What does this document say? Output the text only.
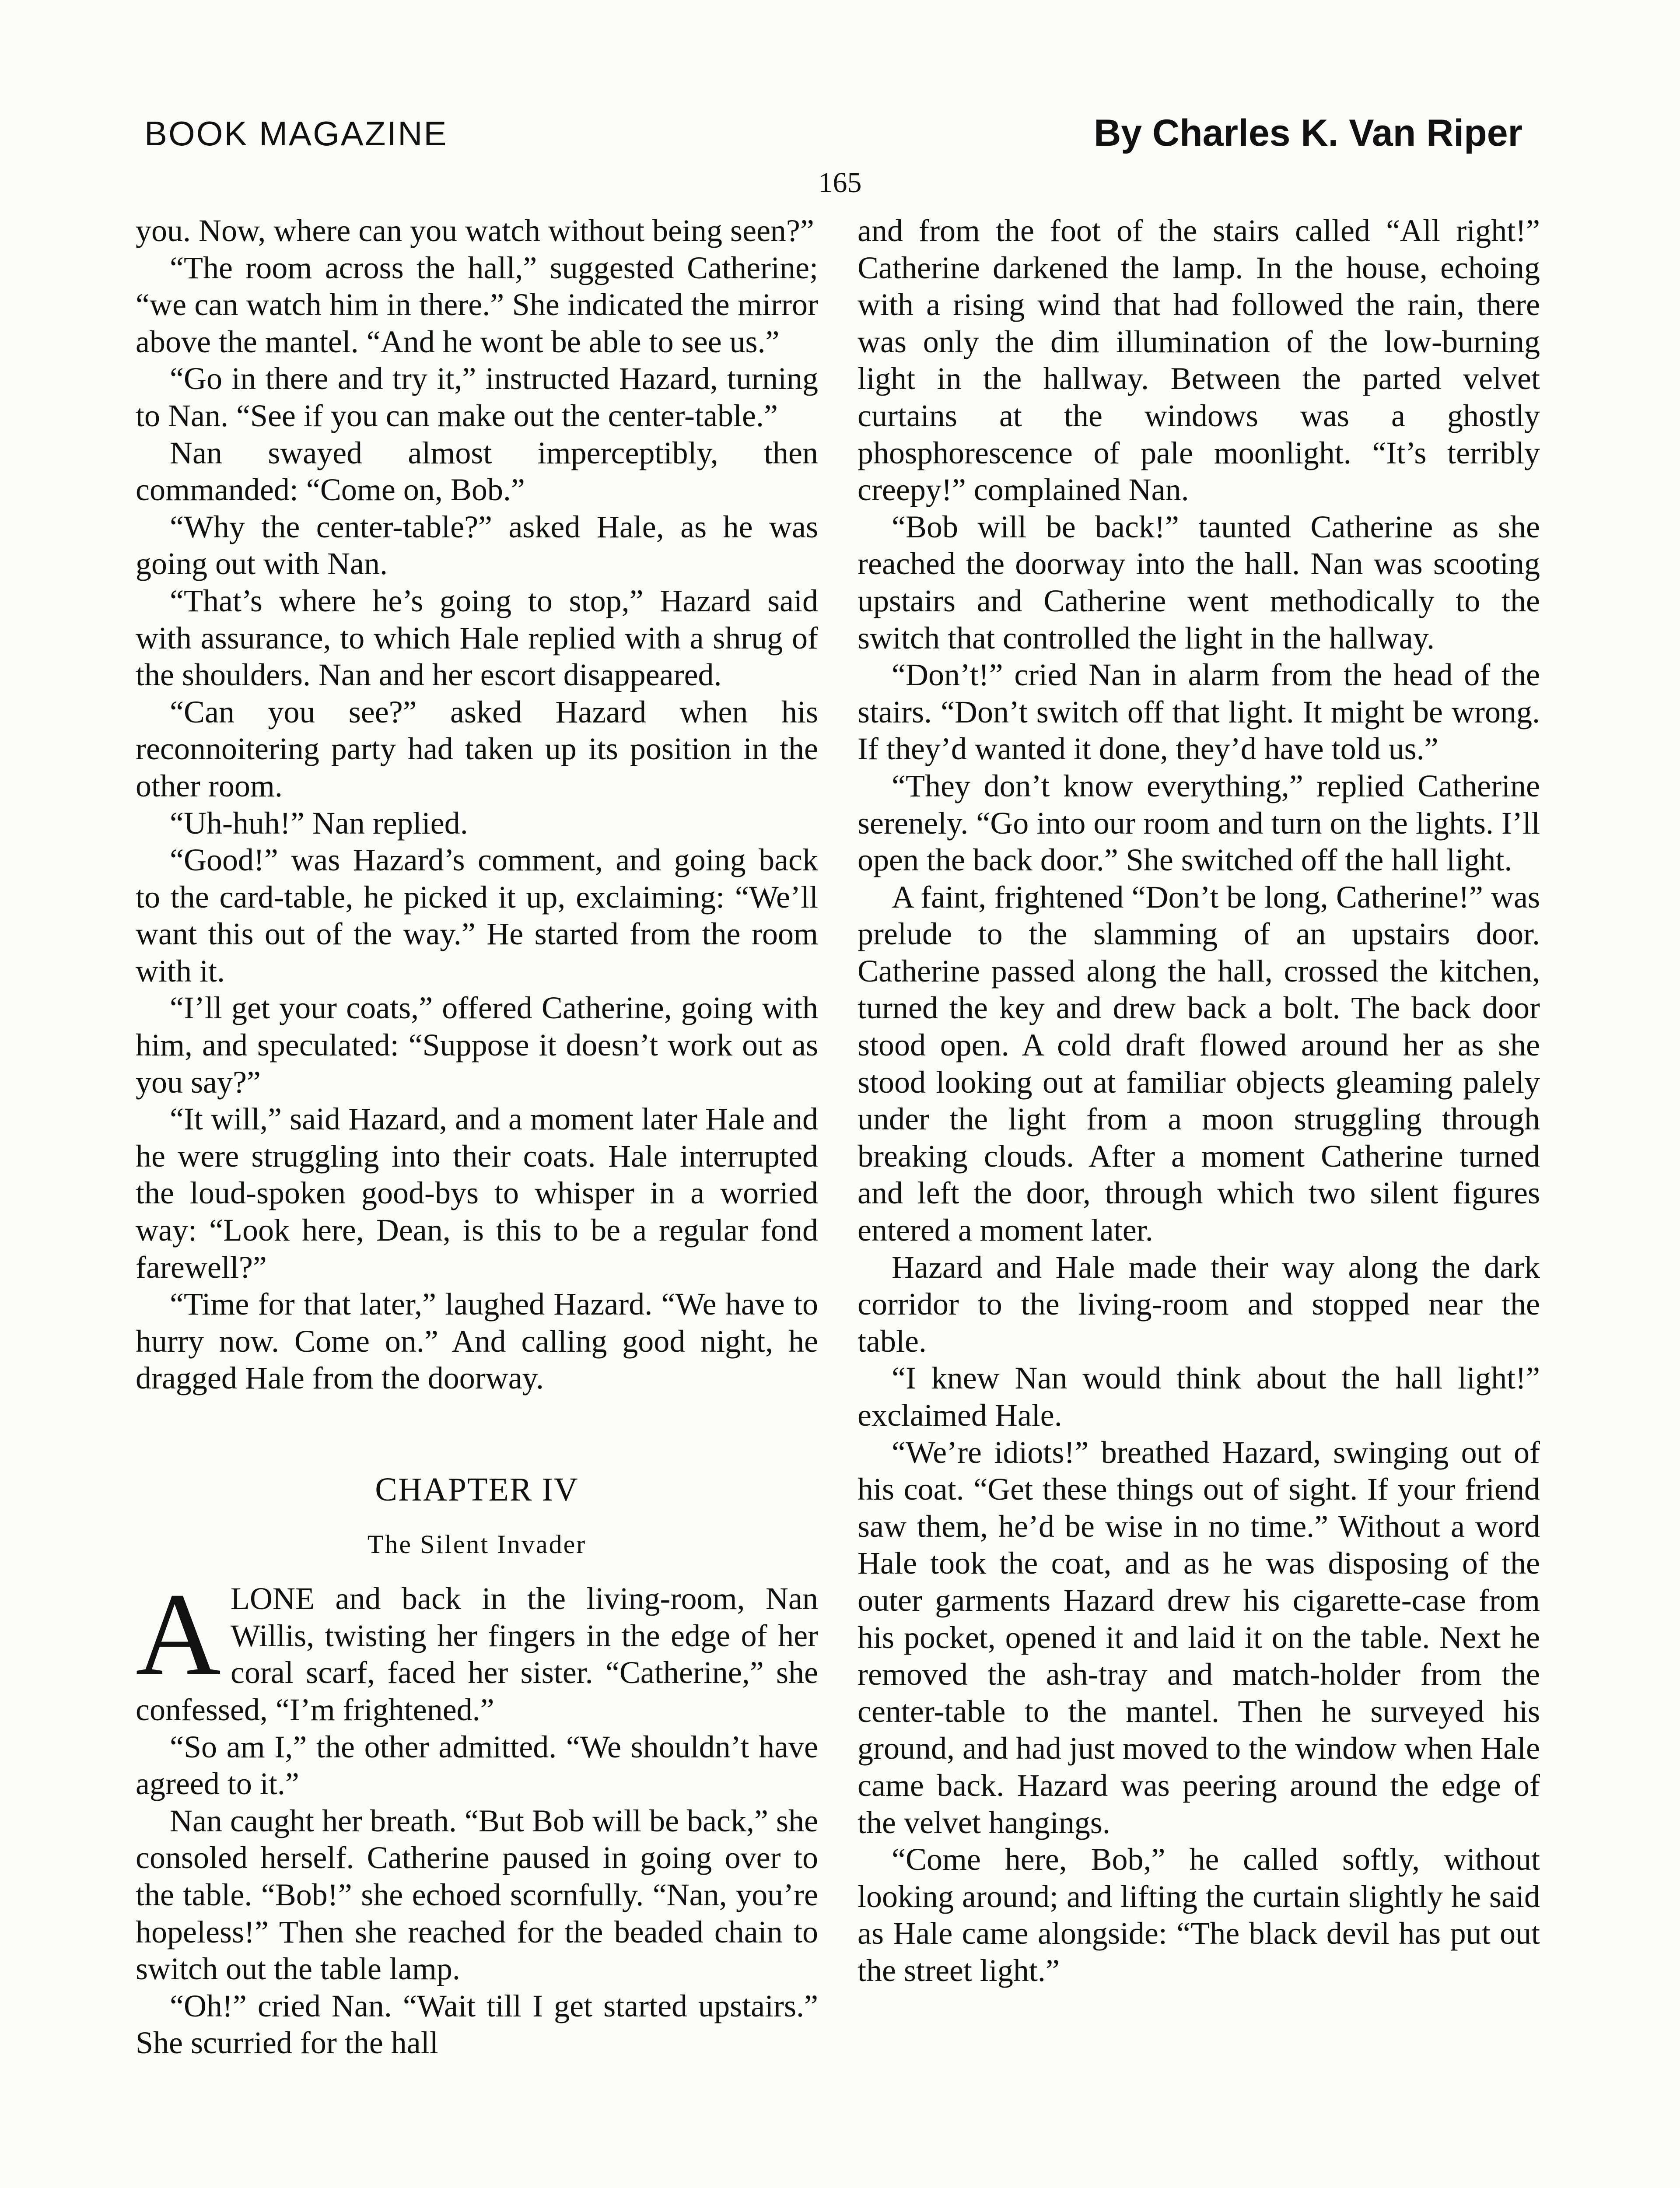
BOOK MAGAZINE	By Charles K. Van Riper
165

you. Now, where can you watch without being seen?”

“The room across the hall,” suggested Catherine; “we can watch him in there.” She indicated the mirror above the mantel. “And he wont be able to see us.”

“Go in there and try it,” instructed Hazard, turning to Nan. “See if you can make out the center-table.”

Nan swayed almost imperceptibly, then commanded: “Come on, Bob.”

“Why the center-table?” asked Hale, as he was going out with Nan.

“That’s where he’s going to stop,” Hazard said with assurance, to which Hale replied with a shrug of the shoulders. Nan and her escort disappeared.

“Can you see?” asked Hazard when his reconnoitering party had taken up its position in the other room.

“Uh-huh!” Nan replied.

“Good!” was Hazard’s comment, and going back to the card-table, he picked it up, exclaiming: “We’ll want this out of the way.” He started from the room with it.

“I’ll get your coats,” offered Catherine, going with him, and speculated: “Suppose it doesn’t work out as you say?”

“It will,” said Hazard, and a moment later Hale and he were struggling into their coats. Hale interrupted the loud-spoken good-bys to whisper in a worried way: “Look here, Dean, is this to be a regular fond farewell?”

“Time for that later,” laughed Hazard. “We have to hurry now. Come on.” And calling good night, he dragged Hale from the doorway.

CHAPTER IV
The Silent Invader

ALONE and back in the living-room, Nan Willis, twisting her fingers in the edge of her coral scarf, faced her sister. “Catherine,” she confessed, “I’m frightened.”

“So am I,” the other admitted. “We shouldn’t have agreed to it.”

Nan caught her breath. “But Bob will be back,” she consoled herself. Catherine paused in going over to the table. “Bob!” she echoed scornfully. “Nan, you’re hopeless!” Then she reached for the beaded chain to switch out the table lamp.

“Oh!” cried Nan. “Wait till I get started upstairs.” She scurried for the hall

and from the foot of the stairs called “All right!” Catherine darkened the lamp. In the house, echoing with a rising wind that had followed the rain, there was only the dim illumination of the low-burning light in the hallway. Between the parted velvet curtains at the windows was a ghostly phosphorescence of pale moonlight. “It’s terribly creepy!” complained Nan.

“Bob will be back!” taunted Catherine as she reached the doorway into the hall. Nan was scooting upstairs and Catherine went methodically to the switch that controlled the light in the hallway.

“Don’t!” cried Nan in alarm from the head of the stairs. “Don’t switch off that light. It might be wrong. If they’d wanted it done, they’d have told us.”

“They don’t know everything,” replied Catherine serenely. “Go into our room and turn on the lights. I’ll open the back door.” She switched off the hall light.

A faint, frightened “Don’t be long, Catherine!” was prelude to the slamming of an upstairs door. Catherine passed along the hall, crossed the kitchen, turned the key and drew back a bolt. The back door stood open. A cold draft flowed around her as she stood looking out at familiar objects gleaming palely under the light from a moon struggling through breaking clouds. After a moment Catherine turned and left the door, through which two silent figures entered a moment later.

Hazard and Hale made their way along the dark corridor to the living-room and stopped near the table.

“I knew Nan would think about the hall light!” exclaimed Hale.

“We’re idiots!” breathed Hazard, swinging out of his coat. “Get these things out of sight. If your friend saw them, he’d be wise in no time.” Without a word Hale took the coat, and as he was disposing of the outer garments Hazard drew his cigarette-case from his pocket, opened it and laid it on the table. Next he removed the ash-tray and match-holder from the center-table to the mantel. Then he surveyed his ground, and had just moved to the window when Hale came back. Hazard was peering around the edge of the velvet hangings.

“Come here, Bob,” he called softly, without looking around; and lifting the curtain slightly he said as Hale came alongside: “The black devil has put out the street light.”
